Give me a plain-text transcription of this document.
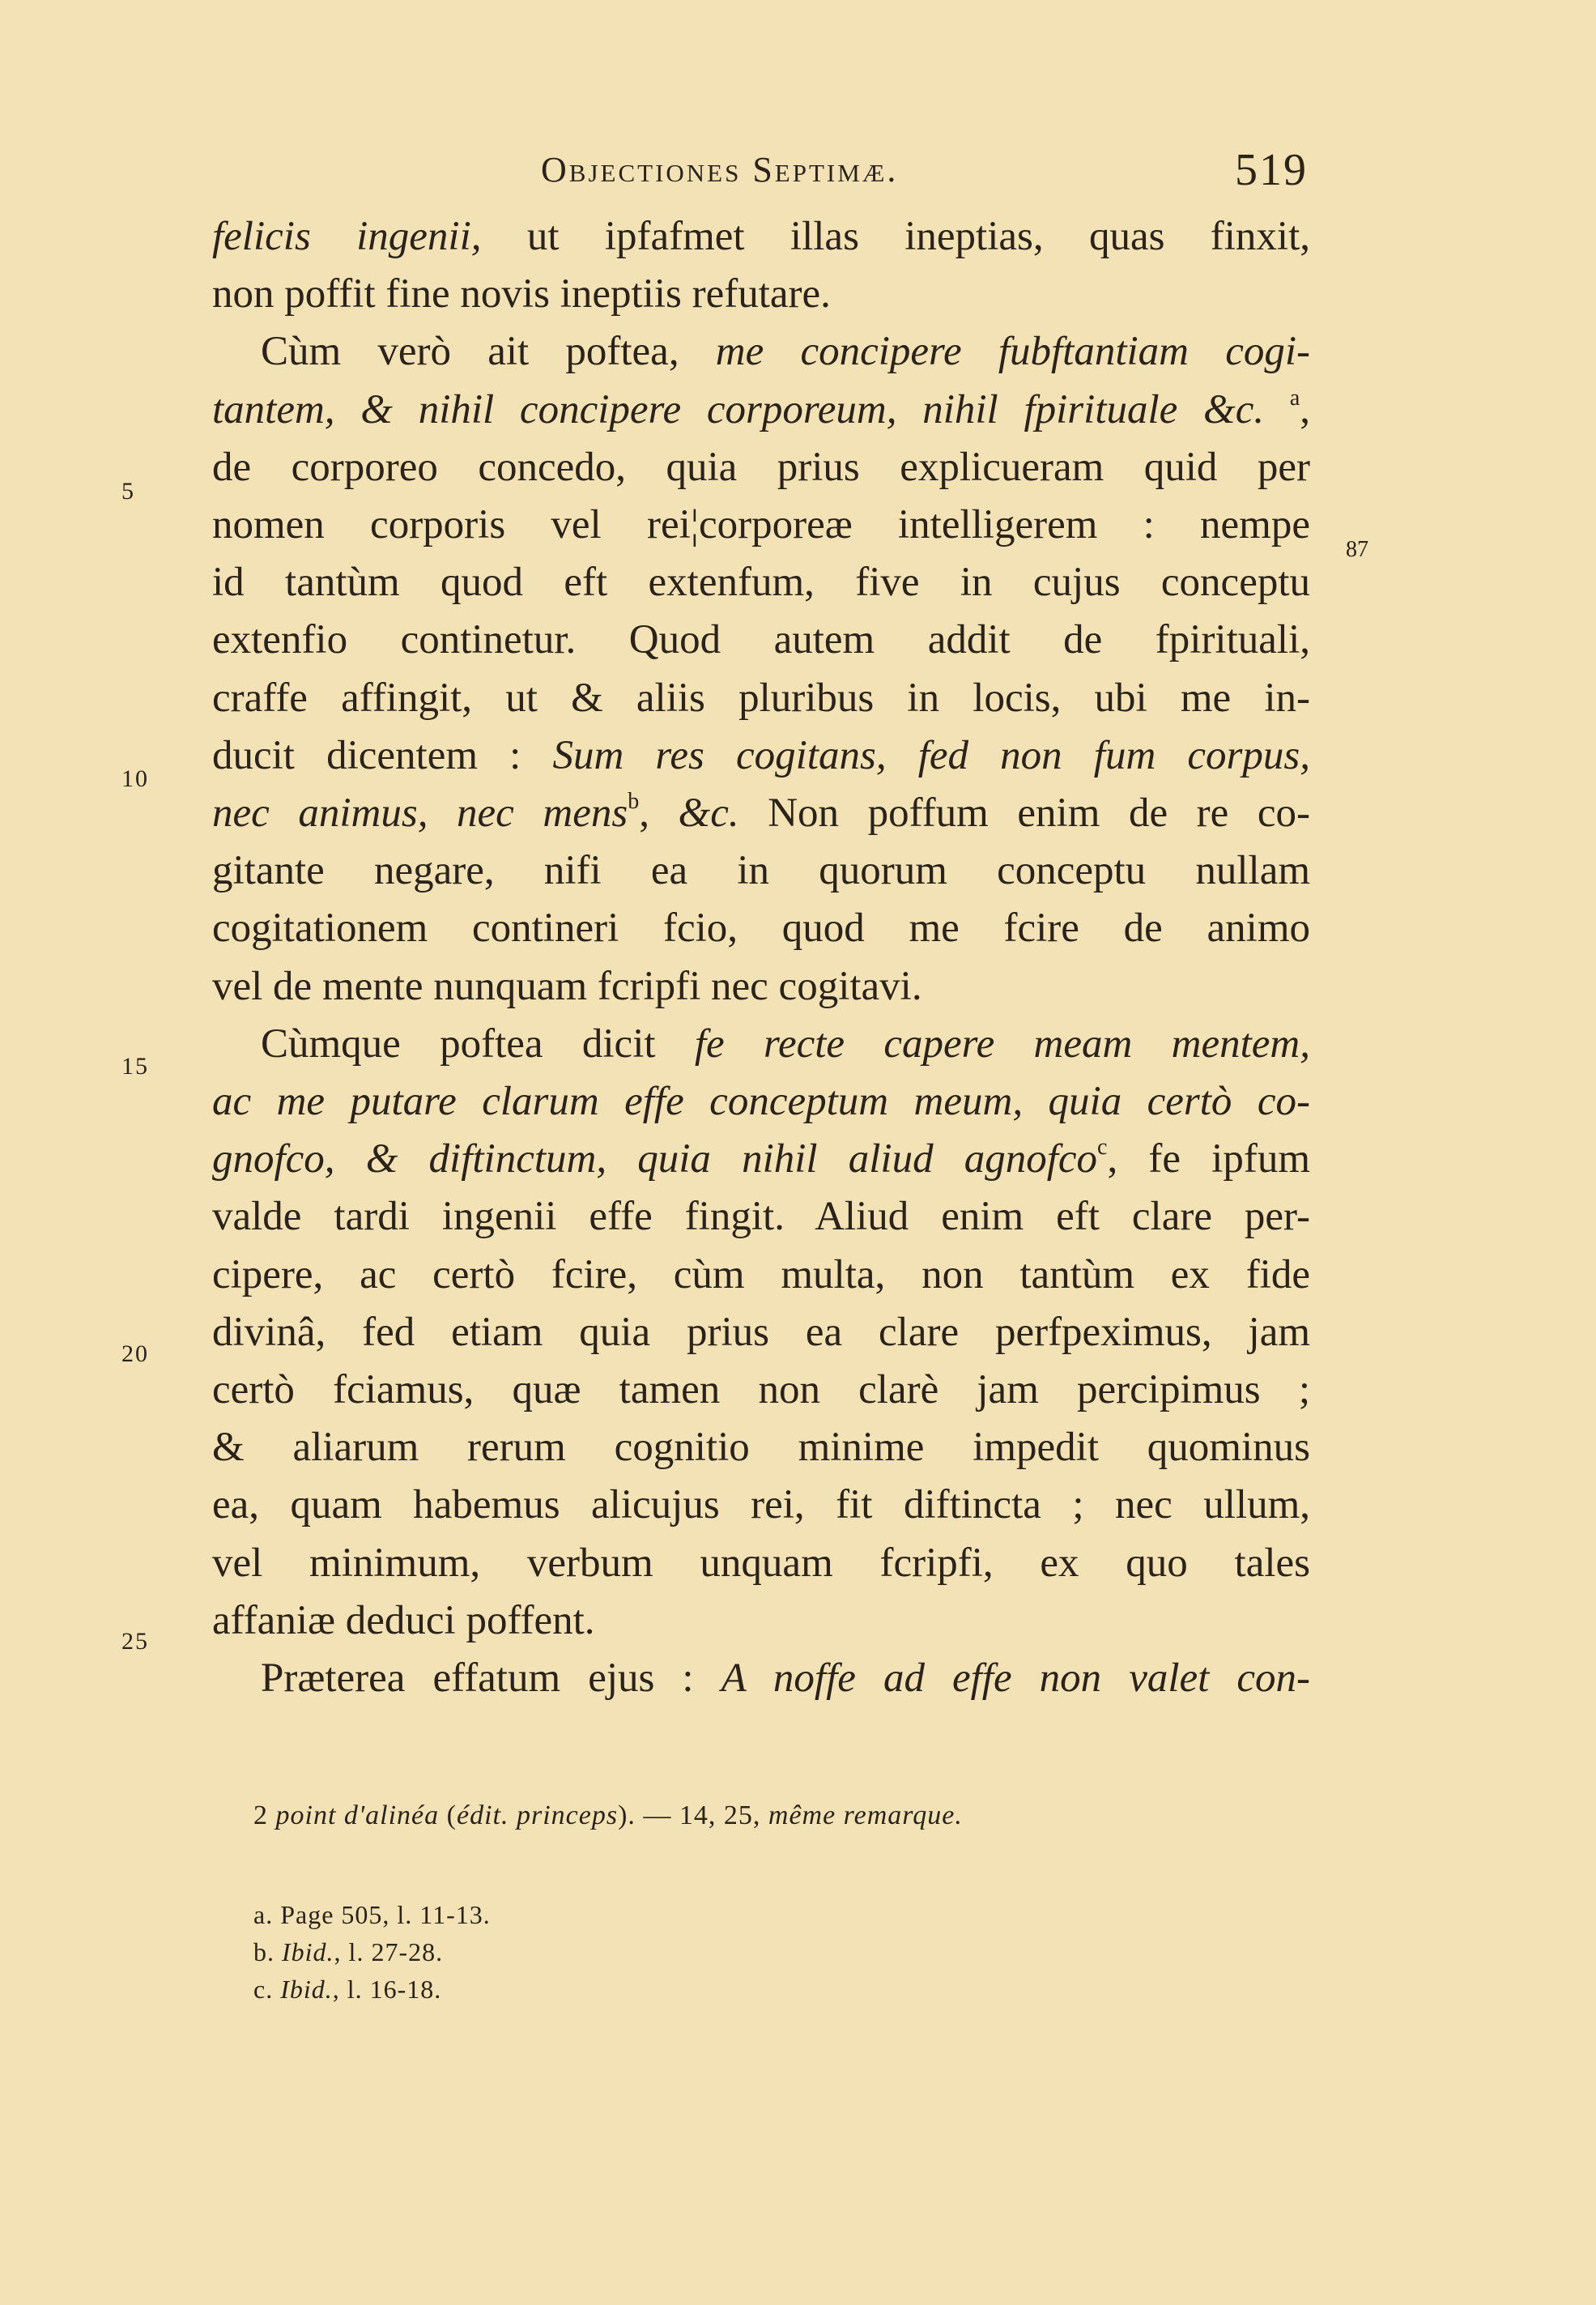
Objectiones Septimæ.	519
felicis ingenii, ut ipfafmet illas ineptias, quas finxit,
non poffit fine novis ineptiis refutare.
Cùm verò ait poftea, me concipere fubftantiam cogi-
tantem, & nihil concipere corporeum, nihil fpirituale &c. $^a$,
de corporeo concedo, quia prius explicueram quid per
nomen corporis vel rei¦corporeæ intelligerem : nempe
id tantùm quod eft extenfum, five in cujus conceptu
extenfio continetur. Quod autem addit de fpirituali,
craffe affingit, ut & aliis pluribus in locis, ubi me in-
ducit dicentem : Sum res cogitans, fed non fum corpus,
nec animus, nec mens$^b$, &c. Non poffum enim de re co-
gitante negare, nifi ea in quorum conceptu nullam
cogitationem contineri fcio, quod me fcire de animo
vel de mente nunquam fcripfi nec cogitavi.
Cùmque poftea dicit fe recte capere meam mentem,
ac me putare clarum effe conceptum meum, quia certò co-
gnofco, & diftinctum, quia nihil aliud agnofco$^c$, fe ipfum
valde tardi ingenii effe fingit. Aliud enim eft clare per-
cipere, ac certò fcire, cùm multa, non tantùm ex fide
divinâ, fed etiam quia prius ea clare perfpeximus, jam
certò fciamus, quæ tamen non clarè jam percipimus ;
& aliarum rerum cognitio minime impedit quominus
ea, quam habemus alicujus rei, fit diftincta ; nec ullum,
vel minimum, verbum unquam fcripfi, ex quo tales
affaniæ deduci poffent.
Præterea effatum ejus : A noffe ad effe non valet con-
5
10
15
20
25
87
2 point d'alinéa (édit. princeps). — 14, 25, même remarque.
a. Page 505, l. 11-13.
b. Ibid., l. 27-28.
c. Ibid., l. 16-18.
